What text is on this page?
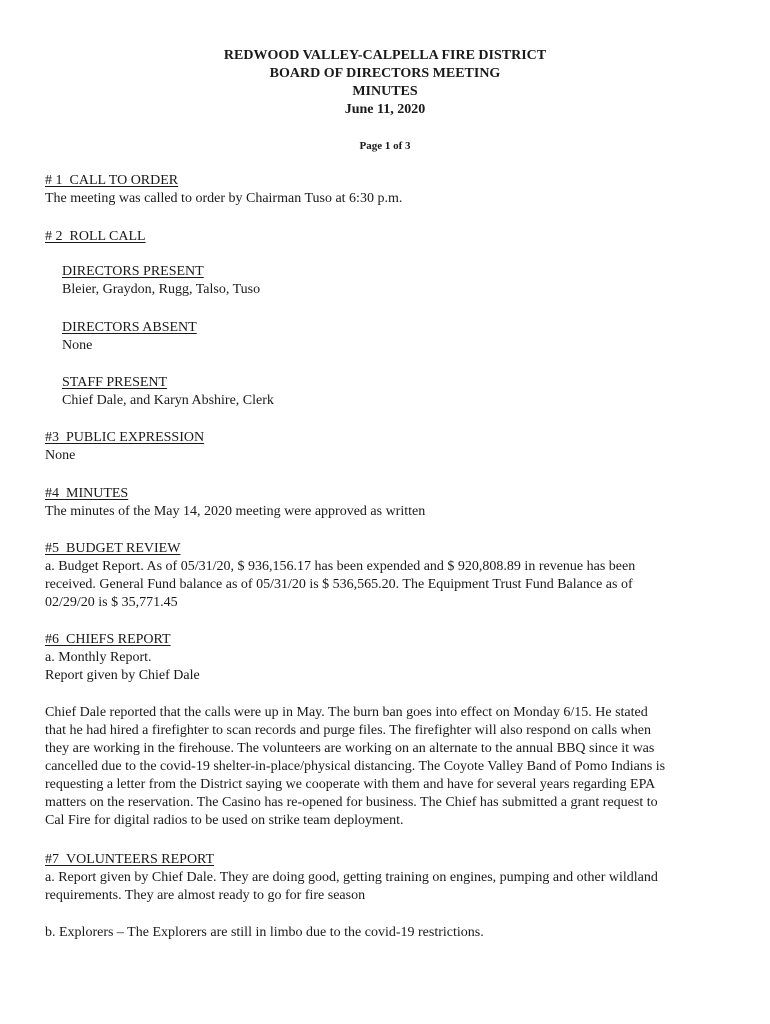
REDWOOD VALLEY-CALPELLA FIRE DISTRICT
BOARD OF DIRECTORS MEETING
MINUTES
June 11, 2020
Page 1 of 3
# 1 CALL TO ORDER
The meeting was called to order by Chairman Tuso at 6:30 p.m.
# 2 ROLL CALL
DIRECTORS PRESENT
Bleier, Graydon, Rugg, Talso, Tuso
DIRECTORS ABSENT
None
STAFF PRESENT
Chief Dale, and Karyn Abshire, Clerk
#3 PUBLIC EXPRESSION
None
#4 MINUTES
The minutes of the May 14, 2020 meeting were approved as written
#5 BUDGET REVIEW
a. Budget Report. As of 05/31/20, $ 936,156.17 has been expended and $ 920,808.89 in revenue has been
received. General Fund balance as of 05/31/20 is $ 536,565.20. The Equipment Trust Fund Balance as of
02/29/20 is $ 35,771.45
#6 CHIEFS REPORT
a. Monthly Report.
Report given by Chief Dale
Chief Dale reported that the calls were up in May. The burn ban goes into effect on Monday 6/15. He stated
that he had hired a firefighter to scan records and purge files. The firefighter will also respond on calls when
they are working in the firehouse. The volunteers are working on an alternate to the annual BBQ since it was
cancelled due to the covid-19 shelter-in-place/physical distancing. The Coyote Valley Band of Pomo Indians is
requesting a letter from the District saying we cooperate with them and have for several years regarding EPA
matters on the reservation. The Casino has re-opened for business. The Chief has submitted a grant request to
Cal Fire for digital radios to be used on strike team deployment.
#7 VOLUNTEERS REPORT
a. Report given by Chief Dale. They are doing good, getting training on engines, pumping and other wildland
requirements. They are almost ready to go for fire season
b. Explorers – The Explorers are still in limbo due to the covid-19 restrictions.
